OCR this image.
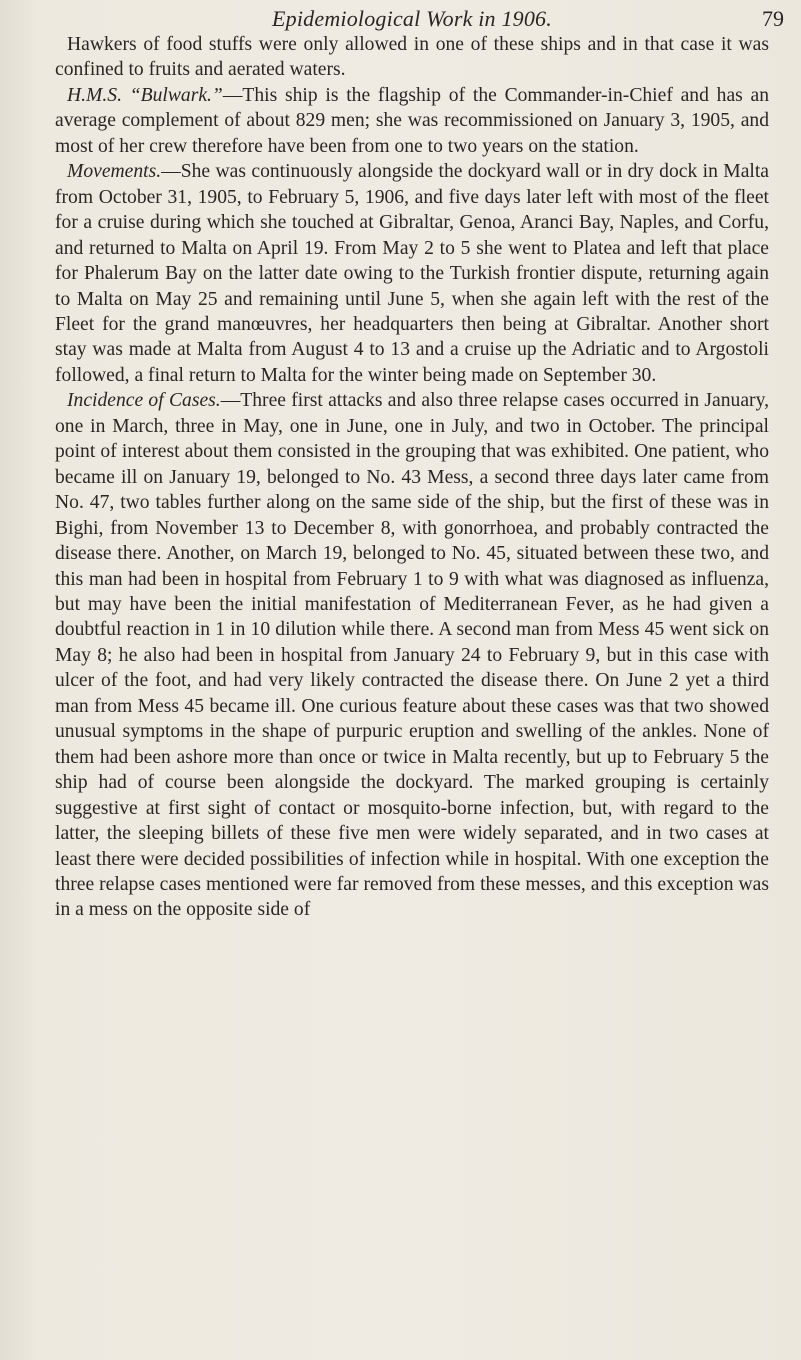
Epidemiological Work in 1906.	79

Hawkers of food stuffs were only allowed in one of these ships and in that case it was confined to fruits and aerated waters.

H.M.S. “Bulwark.”—This ship is the flagship of the Commander-in-Chief and has an average complement of about 829 men; she was recommissioned on January 3, 1905, and most of her crew therefore have been from one to two years on the station.

Movements.—She was continuously alongside the dockyard wall or in dry dock in Malta from October 31, 1905, to February 5, 1906, and five days later left with most of the fleet for a cruise during which she touched at Gibraltar, Genoa, Aranci Bay, Naples, and Corfu, and returned to Malta on April 19. From May 2 to 5 she went to Platea and left that place for Phalerum Bay on the latter date owing to the Turkish frontier dispute, returning again to Malta on May 25 and remaining until June 5, when she again left with the rest of the Fleet for the grand manœuvres, her headquarters then being at Gibraltar. Another short stay was made at Malta from August 4 to 13 and a cruise up the Adriatic and to Argostoli followed, a final return to Malta for the winter being made on September 30.

Incidence of Cases.—Three first attacks and also three relapse cases occurred in January, one in March, three in May, one in June, one in July, and two in October. The principal point of interest about them consisted in the grouping that was exhibited. One patient, who became ill on January 19, belonged to No. 43 Mess, a second three days later came from No. 47, two tables further along on the same side of the ship, but the first of these was in Bighi, from November 13 to December 8, with gonorrhoea, and probably contracted the disease there. Another, on March 19, belonged to No. 45, situated between these two, and this man had been in hospital from February 1 to 9 with what was diagnosed as influenza, but may have been the initial manifestation of Mediterranean Fever, as he had given a doubtful reaction in 1 in 10 dilution while there. A second man from Mess 45 went sick on May 8; he also had been in hospital from January 24 to February 9, but in this case with ulcer of the foot, and had very likely contracted the disease there. On June 2 yet a third man from Mess 45 became ill. One curious feature about these cases was that two showed unusual symptoms in the shape of purpuric eruption and swelling of the ankles. None of them had been ashore more than once or twice in Malta recently, but up to February 5 the ship had of course been alongside the dockyard. The marked grouping is certainly suggestive at first sight of contact or mosquito-borne infection, but, with regard to the latter, the sleeping billets of these five men were widely separated, and in two cases at least there were decided possibilities of infection while in hospital. With one exception the three relapse cases mentioned were far removed from these messes, and this exception was in a mess on the opposite side of
